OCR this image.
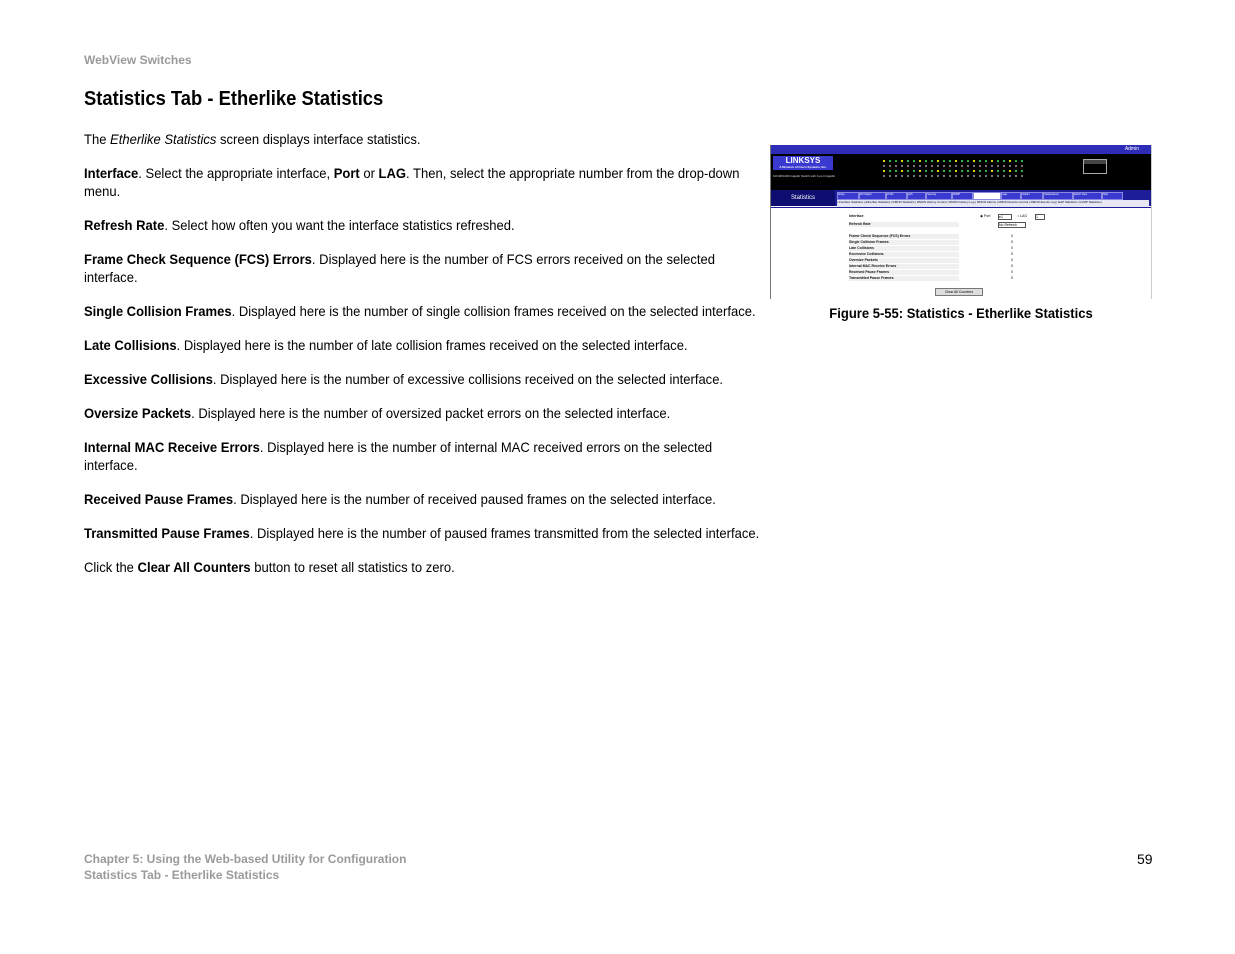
WebView Switches
Statistics Tab - Etherlike Statistics

The Etherlike Statistics screen displays interface statistics.

Interface. Select the appropriate interface, Port or LAG. Then, select the appropriate number from the drop-down menu.

Refresh Rate. Select how often you want the interface statistics refreshed.

Frame Check Sequence (FCS) Errors. Displayed here is the number of FCS errors received on the selected interface.

Single Collision Frames. Displayed here is the number of single collision frames received on the selected interface.

Late Collisions. Displayed here is the number of late collision frames received on the selected interface.

Excessive Collisions. Displayed here is the number of excessive collisions received on the selected interface.

Oversize Packets. Displayed here is the number of oversized packet errors on the selected interface.

Internal MAC Receive Errors. Displayed here is the number of internal MAC received errors on the selected interface.

Received Pause Frames. Displayed here is the number of received paused frames on the selected interface.

Transmitted Pause Frames. Displayed here is the number of paused frames transmitted from the selected interface.

Click the Clear All Counters button to reset all statistics to zero.

Admin
LINKSYS
A Division of Cisco Systems, Inc.
10/100/1000 Gigabit Switch with 4-port Gigabit
Statistics
Setup	Port Mgmt	VLAN	QoS	Security	SNMP	Statistics	Logs	Admin	Maintenance	Switch View	Help
| Interface Statistics | Etherlike Statistics | RMON Statistics | RMON History Control | RMON History Log | RMON Alarms | RMON Events Control | RMON Events Log | EAP Statistics | GVRP Statistics |
Interface	◉ Port e1	○ LAG	1
Refresh Rate	No Refresh
Frame Check Sequence (FCS) Errors	0
Single Collision Frames	0
Late Collisions	0
Excessive Collisions	0
Oversize Packets	0
Internal MAC Receive Errors	0
Received Pause Frames	0
Transmitted Pause Frames	0
Clear All Counters
Figure 5-55: Statistics - Etherlike Statistics
Chapter 5: Using the Web-based Utility for Configuration
Statistics Tab - Etherlike Statistics
59
